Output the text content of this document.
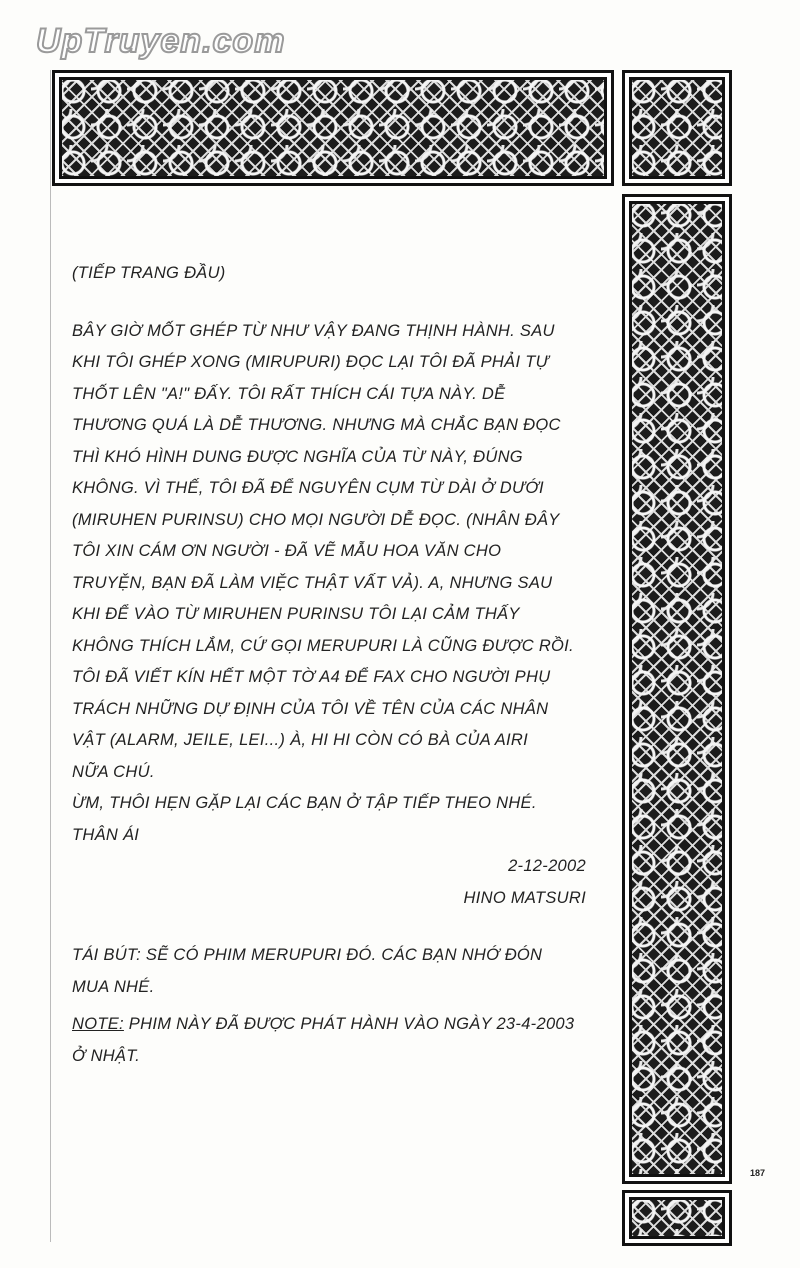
UpTruyen.com
187
(TIẾP TRANG ĐẦU)
BÂY GIỜ MỐT GHÉP TỪ NHƯ VẬY ĐANG THỊNH HÀNH. SAU
KHI TÔI GHÉP XONG (MIRUPURI) ĐỌC LẠI TÔI ĐÃ PHẢI TỰ
THỐT LÊN "A!" ĐẤY. TÔI RẤT THÍCH CÁI TỰA NÀY. DỄ
THƯƠNG QUÁ LÀ DỄ THƯƠNG. NHƯNG MÀ CHẮC BẠN ĐỌC
THÌ KHÓ HÌNH DUNG ĐƯỢC NGHĨA CỦA TỪ NÀY, ĐÚNG
KHÔNG. VÌ THẾ, TÔI ĐÃ ĐỂ NGUYÊN CỤM TỪ DÀI Ở DƯỚI
(MIRUHEN PURINSU) CHO MỌI NGƯỜI DỄ ĐỌC. (NHÂN ĐÂY
TÔI XIN CÁM ƠN NGƯỜI - ĐÃ VẼ MẪU HOA VĂN CHO
TRUYỆN, BẠN ĐÃ LÀM VIỆC THẬT VẤT VẢ). A, NHƯNG SAU
KHI ĐỂ VÀO TỪ MIRUHEN PURINSU TÔI LẠI CẢM THẤY
KHÔNG THÍCH LẮM, CỨ GỌI MERUPURI LÀ CŨNG ĐƯỢC RỒI.
TÔI ĐÃ VIẾT KÍN HẾT MỘT TỜ A4 ĐỂ FAX CHO NGƯỜI PHỤ
TRÁCH NHỮNG DỰ ĐỊNH CỦA TÔI VỀ TÊN CỦA CÁC NHÂN
VẬT (ALARM, JEILE, LEI...) À, HI HI CÒN CÓ BÀ CỦA AIRI
NỮA CHÚ.
ỪM, THÔI HẸN GẶP LẠI CÁC BẠN Ở TẬP TIẾP THEO NHÉ.
THÂN ÁI
2-12-2002
HINO MATSURI
TÁI BÚT: SẼ CÓ PHIM MERUPURI ĐÓ. CÁC BẠN NHỚ ĐÓN
MUA NHÉ.
NOTE: PHIM NÀY ĐÃ ĐƯỢC PHÁT HÀNH VÀO NGÀY 23-4-2003
Ở NHẬT.
